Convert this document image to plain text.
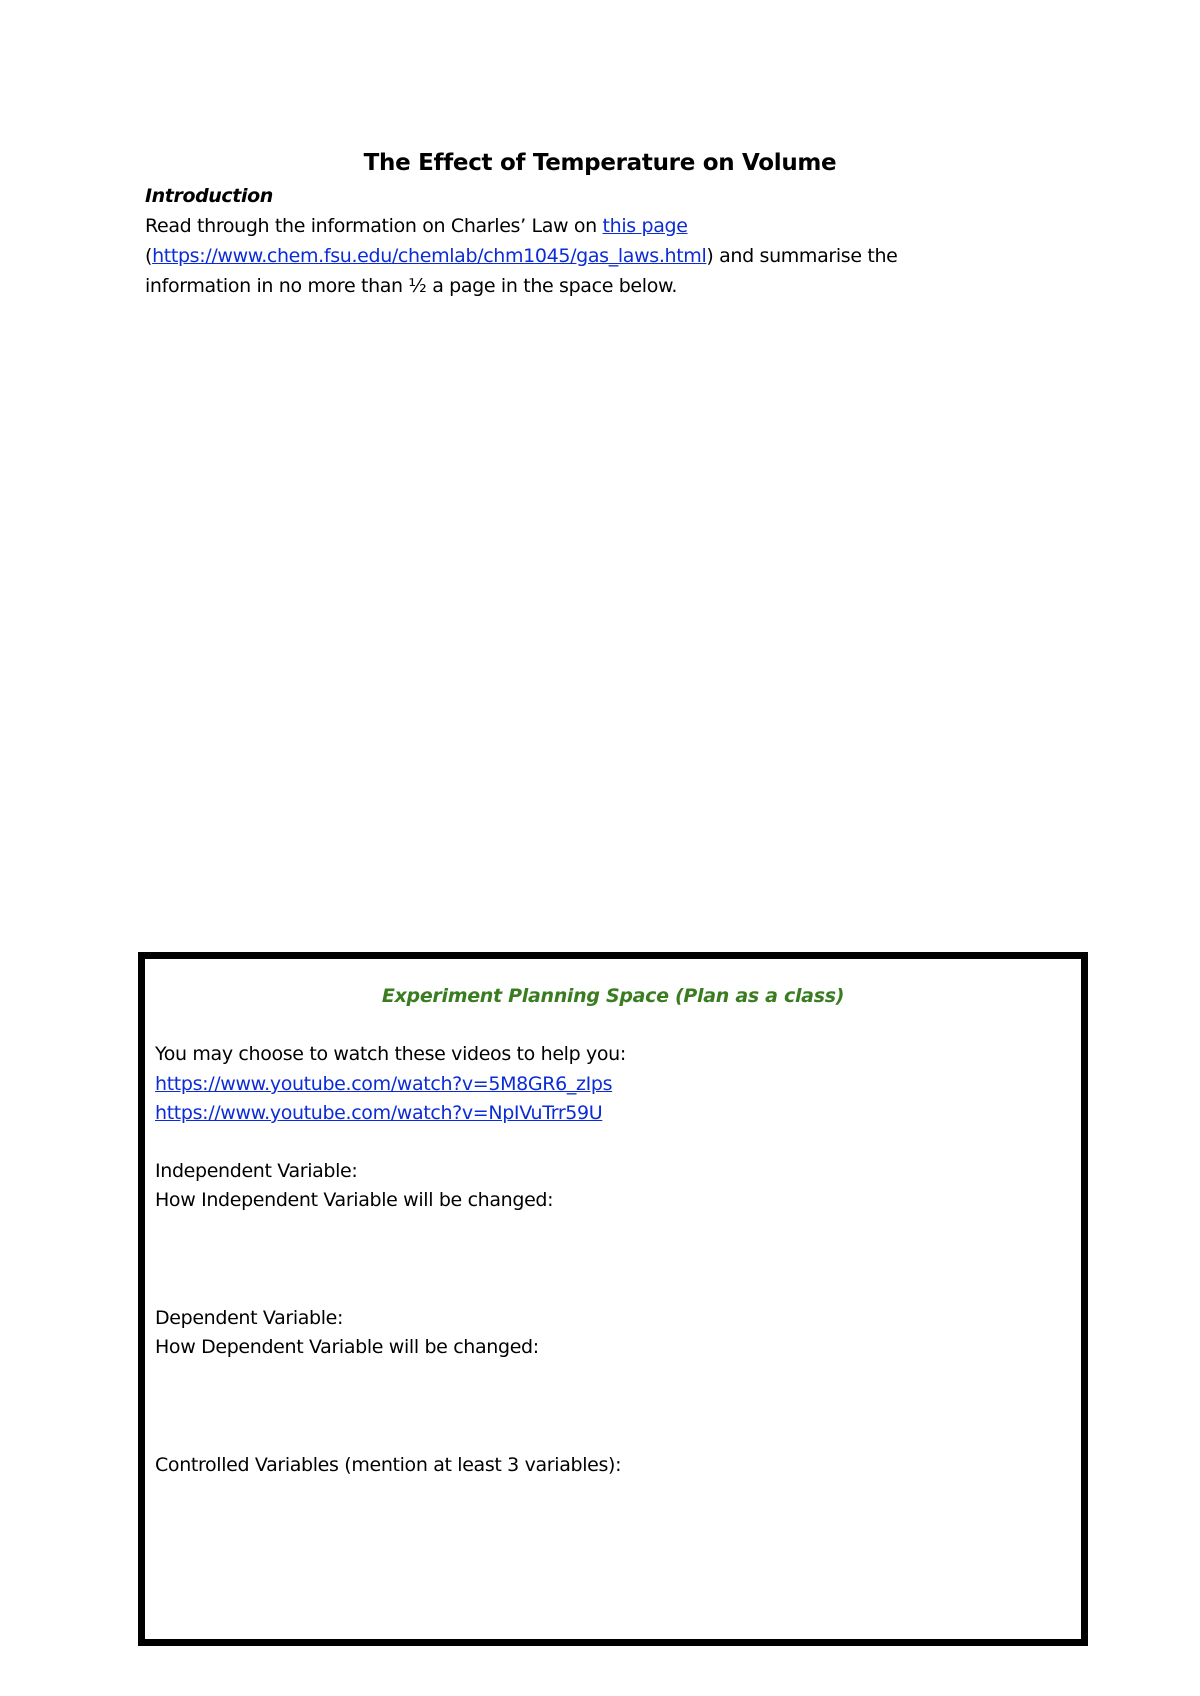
The Effect of Temperature on Volume
Introduction
Read through the information on Charles’ Law on this page
(https://www.chem.fsu.edu/chemlab/chm1045/gas_laws.html) and summarise the
information in no more than ½ a page in the space below.
Experiment Planning Space (Plan as a class)
You may choose to watch these videos to help you:
https://www.youtube.com/watch?v=5M8GR6_zIps
https://www.youtube.com/watch?v=NpIVuTrr59U
Independent Variable:
How Independent Variable will be changed:
Dependent Variable:
How Dependent Variable will be changed:
Controlled Variables (mention at least 3 variables):
